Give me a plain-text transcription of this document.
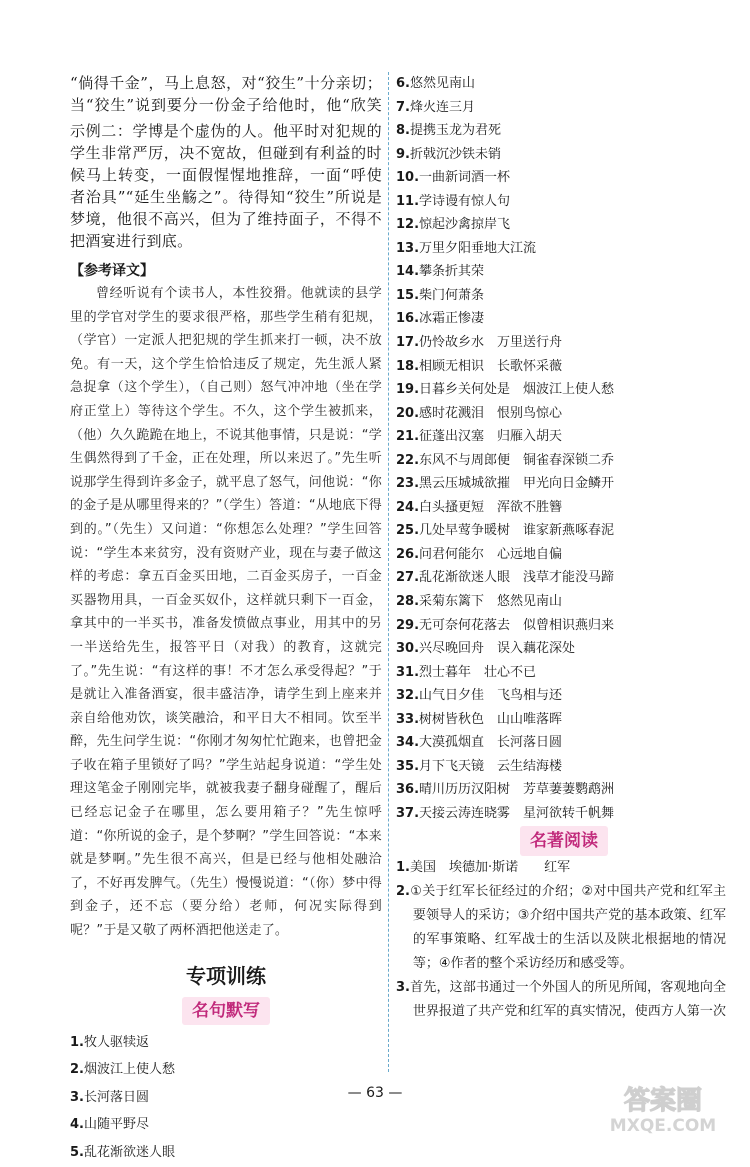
“倘得千金”，马上息怒，对“狡生”十分亲切；当“狡生”说到要分一份金子给他时，他“欣笑

示例二：学博是个虚伪的人。他平时对犯规的学生非常严厉，决不宽故，但碰到有利益的时候马上转变，一面假惺惺地推辞，一面“呼使者治具”“延生坐觞之”。待得知“狡生”所说是梦境，他很不高兴，但为了维持面子，不得不把酒宴进行到底。

【参考译文】

曾经听说有个读书人，本性狡猾。他就读的县学里的学官对学生的要求很严格，那些学生稍有犯规，（学官）一定派人把犯规的学生抓来打一顿，决不放免。有一天，这个学生恰恰违反了规定，先生派人紧急捉拿（这个学生），（自己则）怒气冲冲地（坐在学府正堂上）等待这个学生。不久，这个学生被抓来，（他）久久跪跪在地上，不说其他事情，只是说：“学生偶然得到了千金，正在处理，所以来迟了。”先生听说那学生得到许多金子，就平息了怒气，问他说：“你的金子是从哪里得来的？”（学生）答道：“从地底下得到的。”（先生）又问道：“你想怎么处理？”学生回答说：“学生本来贫穷，没有资财产业，现在与妻子做这样的考虑：拿五百金买田地，二百金买房子，一百金买器物用具，一百金买奴仆，这样就只剩下一百金，拿其中的一半买书，准备发愤做点事业，用其中的另一半送给先生，报答平日（对我）的教育，这就完了。”先生说：“有这样的事！不才怎么承受得起？”于是就让入准备酒宴，很丰盛洁净，请学生到上座来并亲自给他劝饮，谈笑融洽，和平日大不相同。饮至半醉，先生问学生说：“你刚才匆匆忙忙跑来，也曾把金子收在箱子里锁好了吗？”学生站起身说道：“学生处理这笔金子刚刚完毕，就被我妻子翻身碰醒了，醒后已经忘记金子在哪里，怎么要用箱子？”先生惊呼道：“你所说的金子，是个梦啊？”学生回答说：“本来就是梦啊。”先生很不高兴，但是已经与他相处融洽了，不好再发脾气。（先生）慢慢说道：“（你）梦中得到金子，还不忘（要分给）老师，何况实际得到呢？”于是又敬了两杯酒把他送走了。

专项训练
名句默写
1.牧人驱犊返
2.烟波江上使人愁
3.长河落日圆
4.山随平野尽
5.乱花渐欲迷人眼
6.悠然见南山
7.烽火连三月
8.提携玉龙为君死
9.折戟沉沙铁未销
10.一曲新词酒一杯
11.学诗谩有惊人句
12.惊起沙禽掠岸飞
13.万里夕阳垂地大江流
14.攀条折其荣
15.柴门何萧条
16.冰霜正惨凄
17.仍怜故乡水　万里送行舟
18.相顾无相识　长歌怀采薇
19.日暮乡关何处是　烟波江上使人愁
20.感时花溅泪　恨别鸟惊心
21.征蓬出汉塞　归雁入胡天
22.东风不与周郎便　铜雀春深锁二乔
23.黑云压城城欲摧　甲光向日金鳞开
24.白头搔更短　浑欲不胜簪
25.几处早莺争暖树　谁家新燕啄春泥
26.问君何能尔　心远地自偏
27.乱花渐欲迷人眼　浅草才能没马蹄
28.采菊东篱下　悠然见南山
29.无可奈何花落去　似曾相识燕归来
30.兴尽晚回舟　误入藕花深处
31.烈士暮年　壮心不已
32.山气日夕佳　飞鸟相与还
33.树树皆秋色　山山唯落晖
34.大漠孤烟直　长河落日圆
35.月下飞天镜　云生结海楼
36.晴川历历汉阳树　芳草萋萋鹦鹉洲
37.天接云涛连晓雾　星河欲转千帆舞
名著阅读

1.美国　埃德加·斯诺　　红军

2.①关于红军长征经过的介绍；②对中国共产党和红军主要领导人的采访；③介绍中国共产党的基本政策、红军的军事策略、红军战士的生活以及陕北根据地的情况等；④作者的整个采访经历和感受等。

3.首先，这部书通过一个外国人的所见所闻，客观地向全世界报道了共产党和红军的真实情况，使西方人第一次

— 63 —	答案圈
MXQE.COM
